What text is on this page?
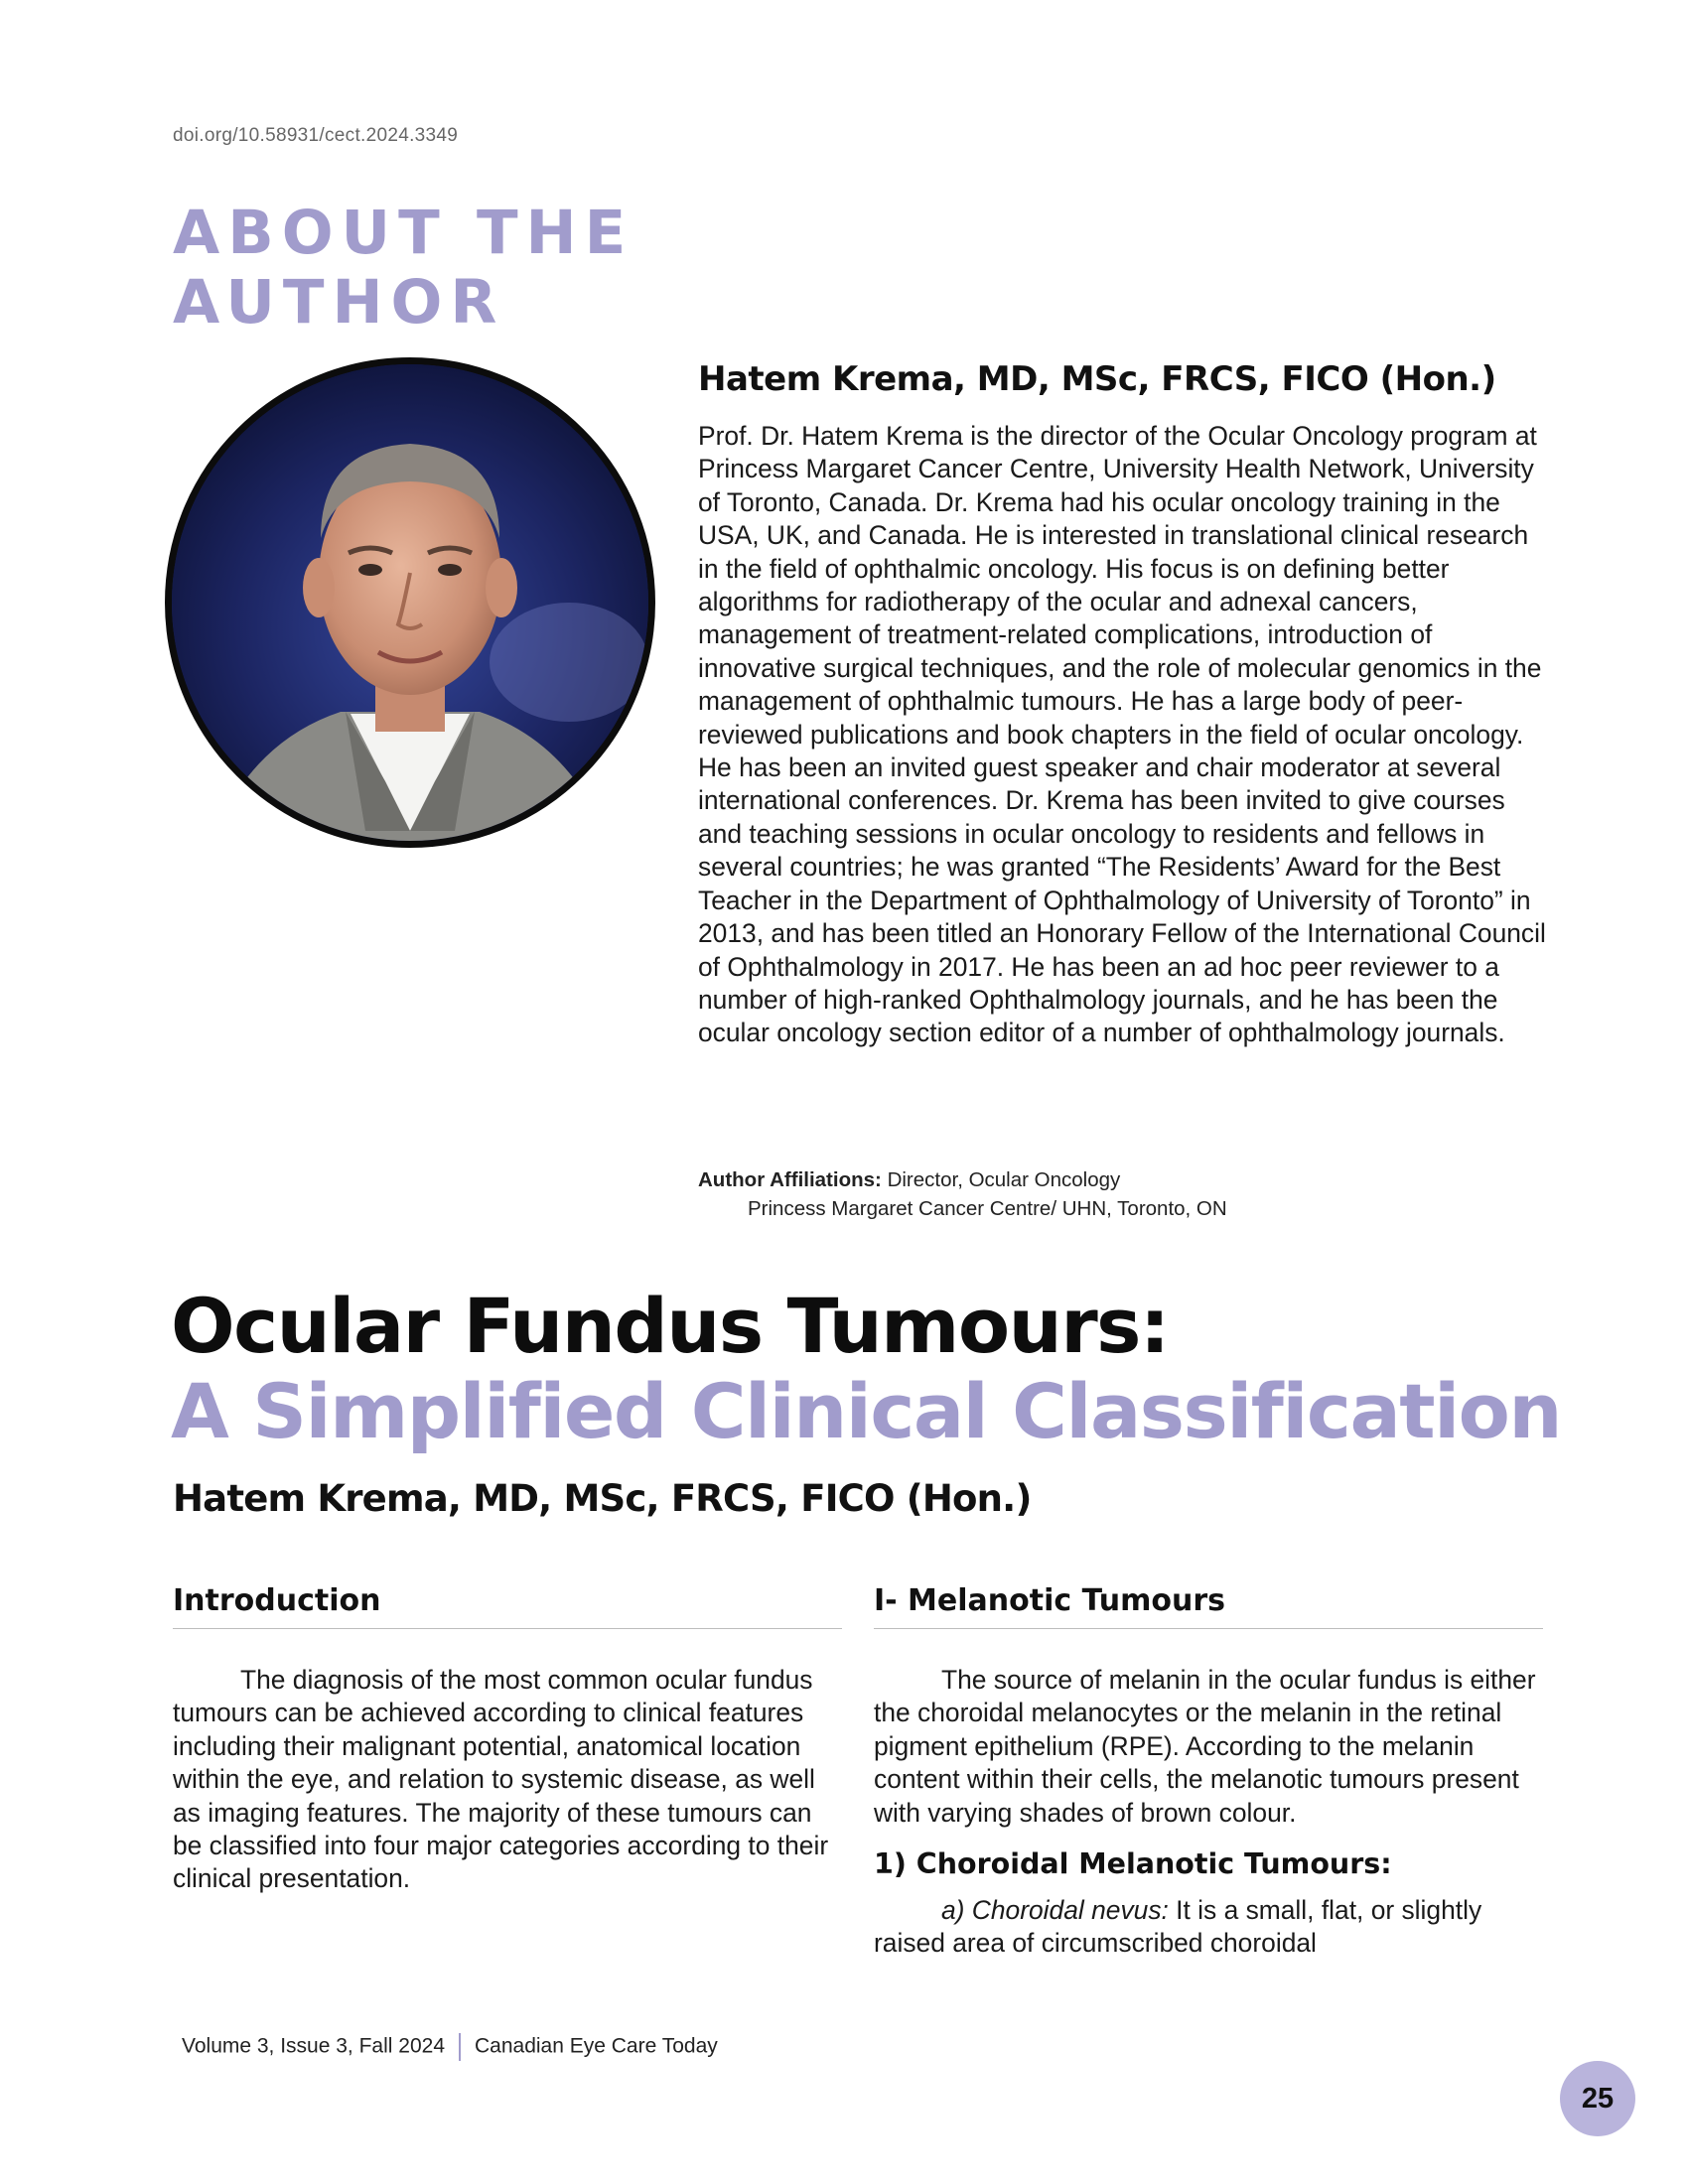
doi.org/10.58931/cect.2024.3349
ABOUT THE
AUTHOR
Hatem Krema, MD, MSc, FRCS, FICO (Hon.)

Prof. Dr. Hatem Krema is the director of the Ocular Oncology program at Princess Margaret Cancer Centre, University Health Network, University of Toronto, Canada. Dr. Krema had his ocular oncology training in the USA, UK, and Canada. He is interested in translational clinical research in the field of ophthalmic oncology. His focus is on defining better algorithms for radiotherapy of the ocular and adnexal cancers, management of treatment-related complications, introduction of innovative surgical techniques, and the role of molecular genomics in the management of ophthalmic tumours. He has a large body of peer-reviewed publications and book chapters in the field of ocular oncology. He has been an invited guest speaker and chair moderator at several international conferences. Dr. Krema has been invited to give courses and teaching sessions in ocular oncology to residents and fellows in several countries; he was granted “The Residents’ Award for the Best Teacher in the Department of Ophthalmology of University of Toronto” in 2013, and has been titled an Honorary Fellow of the International Council of Ophthalmology in 2017. He has been an ad hoc peer reviewer to a number of high-ranked Ophthalmology journals, and he has been the ocular oncology section editor of a number of ophthalmology journals.

Author Affiliations: Director, Ocular Oncology
Princess Margaret Cancer Centre/ UHN, Toronto, ON
Ocular Fundus Tumours:
A Simplified Clinical Classification
Hatem Krema, MD, MSc, FRCS, FICO (Hon.)
Introduction

The diagnosis of the most common ocular fundus tumours can be achieved according to clinical features including their malignant potential, anatomical location within the eye, and relation to systemic disease, as well as imaging features. The majority of these tumours can be classified into four major categories according to their clinical presentation.

I- Melanotic Tumours

The source of melanin in the ocular fundus is either the choroidal melanocytes or the melanin in the retinal pigment epithelium (RPE). According to the melanin content within their cells, the melanotic tumours present with varying shades of brown colour.

1) Choroidal Melanotic Tumours:

a) Choroidal nevus: It is a small, flat, or slightly raised area of circumscribed choroidal

Volume 3, Issue 3, Fall 2024 Canadian Eye Care Today
25
